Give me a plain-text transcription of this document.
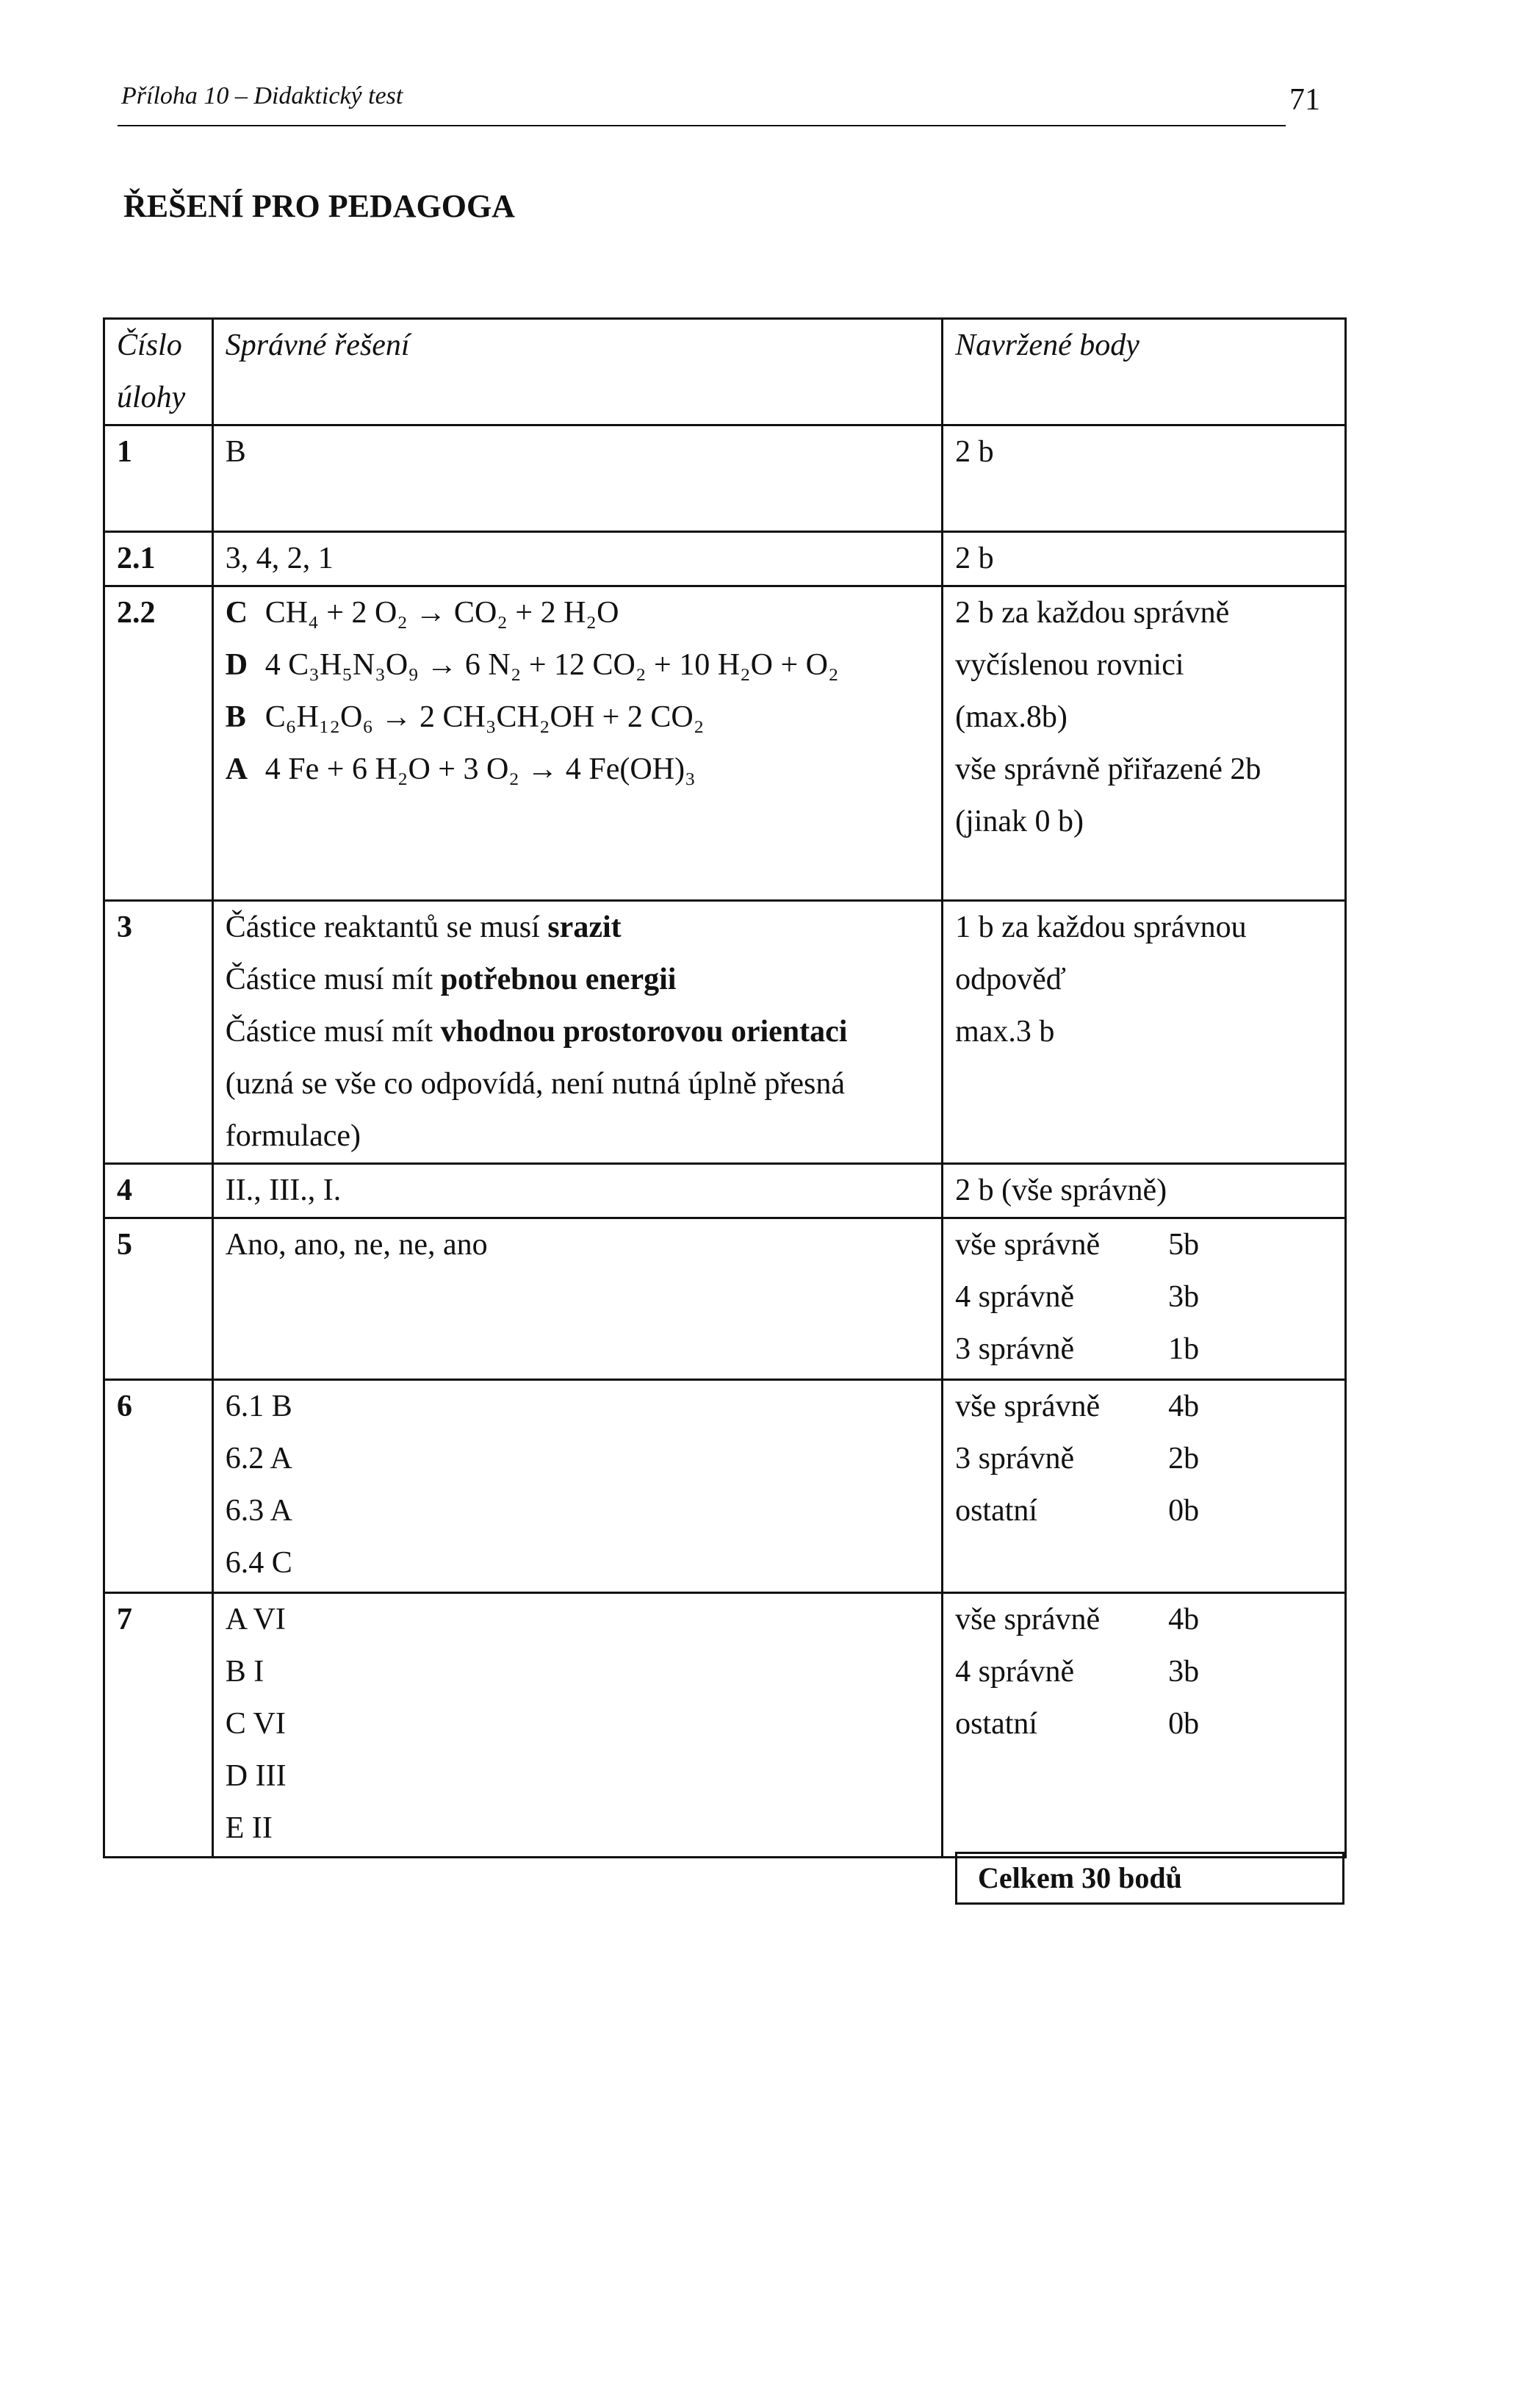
Příloha 10 – Didaktický test	71
ŘEŠENÍ PRO PEDAGOGA
Číslo
úlohy	Správné řešení	Navržené body

1	B	2 b
2.1	3, 4, 2, 1	2 b
2.2	C CH₄ + 2 O₂ → CO₂ + 2 H₂O
D 4 C₃H₅N₃O₉ → 6 N₂ + 12 CO₂ + 10 H₂O + O₂
B C₆H₁₂O₆ → 2 CH₃CH₂OH + 2 CO₂
A 4 Fe + 6 H₂O + 3 O₂ → 4 Fe(OH)₃	2 b za každou správně
vyčíslenou rovnici
(max.8b)
vše správně přiřazené 2b
(jinak 0 b)

3	Částice reaktantů se musí srazit
Částice musí mít potřebnou energii
Částice musí mít vhodnou prostorovou orientaci
(uzná se vše co odpovídá, není nutná úplně přesná
formulace)	1 b za každou správnou
odpověď
max.3 b

4	II., III., I.	2 b (vše správně)
5	Ano, ano, ne, ne, ano	vše správně 5b
4 správně 3b
3 správně 1b

6	6.1 B
6.2 A
6.3 A
6.4 C	vše správně 4b
3 správně 2b
ostatní 0b

7	A VI
B I
C VI
D III
E II	vše správně 4b
4 správně 3b
ostatní 0b
Celkem 30 bodů
